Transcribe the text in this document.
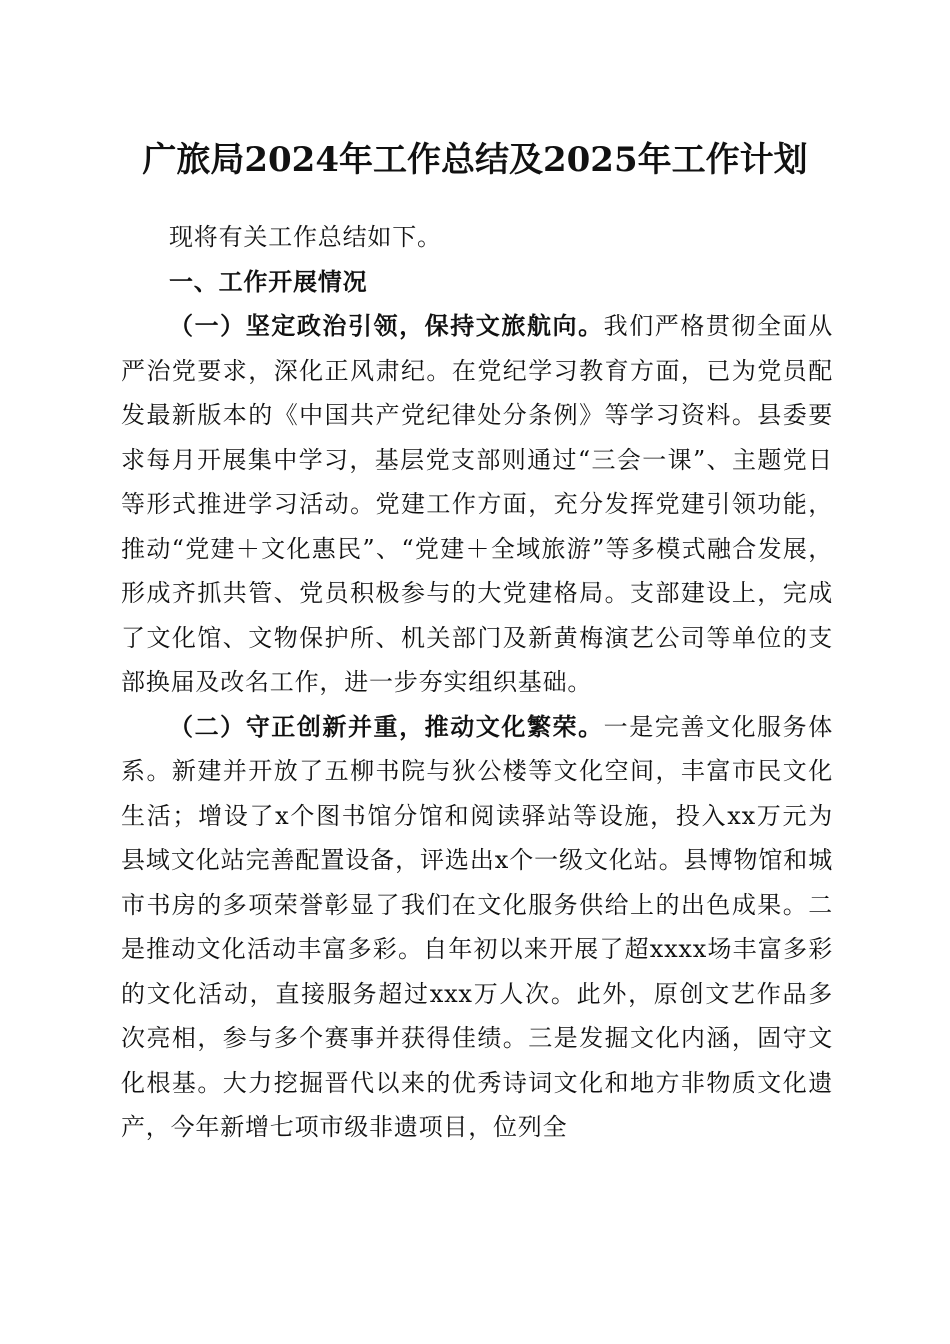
广旅局2024年工作总结及2025年工作计划

现将有关工作总结如下。

一、工作开展情况

（一）坚定政治引领，保持文旅航向。我们严格贯彻全面从严治党要求，深化正风肃纪。在党纪学习教育方面，已为党员配发最新版本的《中国共产党纪律处分条例》等学习资料。县委要求每月开展集中学习，基层党支部则通过“三会一课”、主题党日等形式推进学习活动。党建工作方面，充分发挥党建引领功能，推动“党建＋文化惠民”、“党建＋全域旅游”等多模式融合发展，形成齐抓共管、党员积极参与的大党建格局。支部建设上，完成了文化馆、文物保护所、机关部门及新黄梅演艺公司等单位的支部换届及改名工作，进一步夯实组织基础。

（二）守正创新并重，推动文化繁荣。一是完善文化服务体系。新建并开放了五柳书院与狄公楼等文化空间，丰富市民文化生活；增设了x个图书馆分馆和阅读驿站等设施，投入xx万元为县域文化站完善配置设备，评选出x个一级文化站。县博物馆和城市书房的多项荣誉彰显了我们在文化服务供给上的出色成果。二是推动文化活动丰富多彩。自年初以来开展了超xxxx场丰富多彩的文化活动，直接服务超过xxx万人次。此外，原创文艺作品多次亮相，参与多个赛事并获得佳绩。三是发掘文化内涵，固守文化根基。大力挖掘晋代以来的优秀诗词文化和地方非物质文化遗产，今年新增七项市级非遗项目，位列全
